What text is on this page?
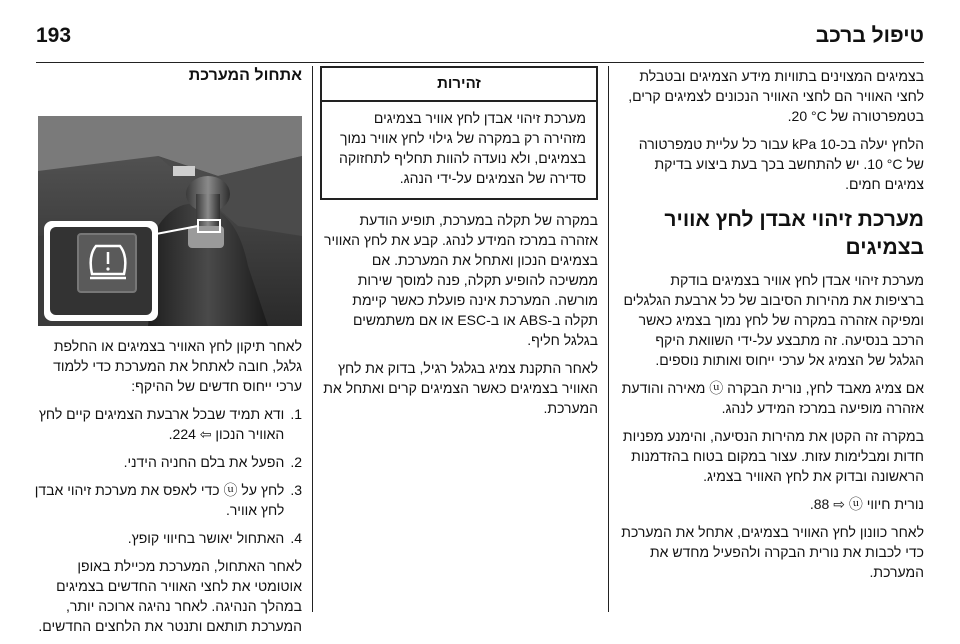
193	טיפול ברכב

בצמיגים המצוינים בתוויות מידע הצמיגים ובטבלת לחצי האוויר הם לחצי האוויר הנכונים לצמיגים קרים, בטמפרטורה של ‎20 °C.

הלחץ יעלה בכ-‏10 kPa עבור כל עליית טמפרטורה של ‎10 °C. יש להתחשב בכך בעת ביצוע בדיקת צמיגים חמים.

מערכת זיהוי אבדן לחץ אוויר בצמיגים

מערכת זיהוי אבדן לחץ אוויר בצמיגים בודקת ברציפות את מהירות הסיבוב של כל ארבעת הגלגלים ומפיקה אזהרה במקרה של לחץ נמוך בצמיג כאשר הרכב בנסיעה. זה מתבצע על-ידי השוואת היקף הגלגל של הצמיג אל ערכי ייחוס ואותות נוספים.

אם צמיג מאבד לחץ, נורית הבקרה ⓤ מאירה והודעת אזהרה מופיעה במרכז המידע לנהג.

במקרה זה הקטן את מהירות הנסיעה, והימנע מפניות חדות ומבלימות עזות. עצור במקום בטוח בהזדמנות הראשונה ובדוק את לחץ האוויר בצמיג.

נורית חיווי ⓤ ‏⇨ 88.

לאחר כוונון לחץ האוויר בצמיגים, אתחל את המערכת כדי לכבות את נורית הבקרה ולהפעיל מחדש את המערכת.

זהירות
מערכת זיהוי אבדן לחץ אוויר בצמיגים מזהירה רק במקרה של גילוי לחץ אוויר נמוך בצמיגים, ולא נועדה להוות תחליף לתחזוקה סדירה של הצמיגים על-ידי הנהג.

במקרה של תקלה במערכת, תופיע הודעת אזהרה במרכז המידע לנהג. קבע את לחץ האוויר בצמיגים הנכון ואתחל את המערכת. אם ממשיכה להופיע תקלה, פנה למוסך שירות מורשה. המערכת אינה פועלת כאשר קיימת תקלה ב-ABS או ב-ESC או אם משתמשים בגלגל חליף.

לאחר התקנת צמיג בגלגל רגיל, בדוק את לחץ האוויר בצמיגים כאשר הצמיגים קרים ואתחל את המערכת.

אתחול המערכת

לאחר תיקון לחץ האוויר בצמיגים או החלפת גלגל, חובה לאתחל את המערכת כדי ללמוד ערכי ייחוס חדשים של ההיקף:

1.
ודא תמיד שבכל ארבעת הצמיגים קיים לחץ האוויר הנכון ⇦ 224.
2.
הפעל את בלם החניה הידני.
3.
לחץ על ⓤ כדי לאפס את מערכת זיהוי אבדן לחץ אוויר.
4.
האתחול יאושר בחיווי קופץ.

לאחר האתחול, המערכת מכיילת באופן אוטומטי את לחצי האוויר החדשים בצמיגים במהלך הנהיגה. לאחר נהיגה ארוכה יותר, המערכת תותאם ותנטר את הלחצים החדשים.
